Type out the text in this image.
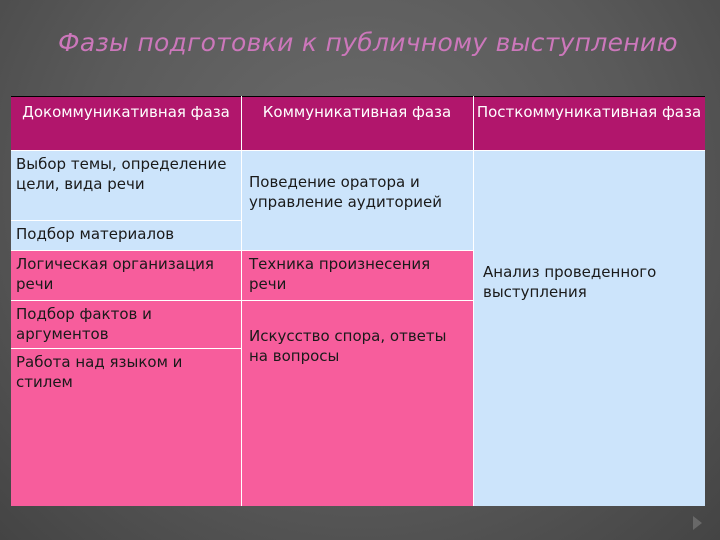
Фазы подготовки к публичному выступлению
Докоммуникативная фаза	Коммуникативная фаза	Посткоммуникативная фаза
Выбор темы, определение цели, вида речи
Подбор материалов
Логическая организация речи
Подбор фактов и аргументов
Работа над языком и стилем
Поведение оратора и управление аудиторией
Техника произнесения речи
Искусство спора, ответы на вопросы
Анализ проведенного выступления
